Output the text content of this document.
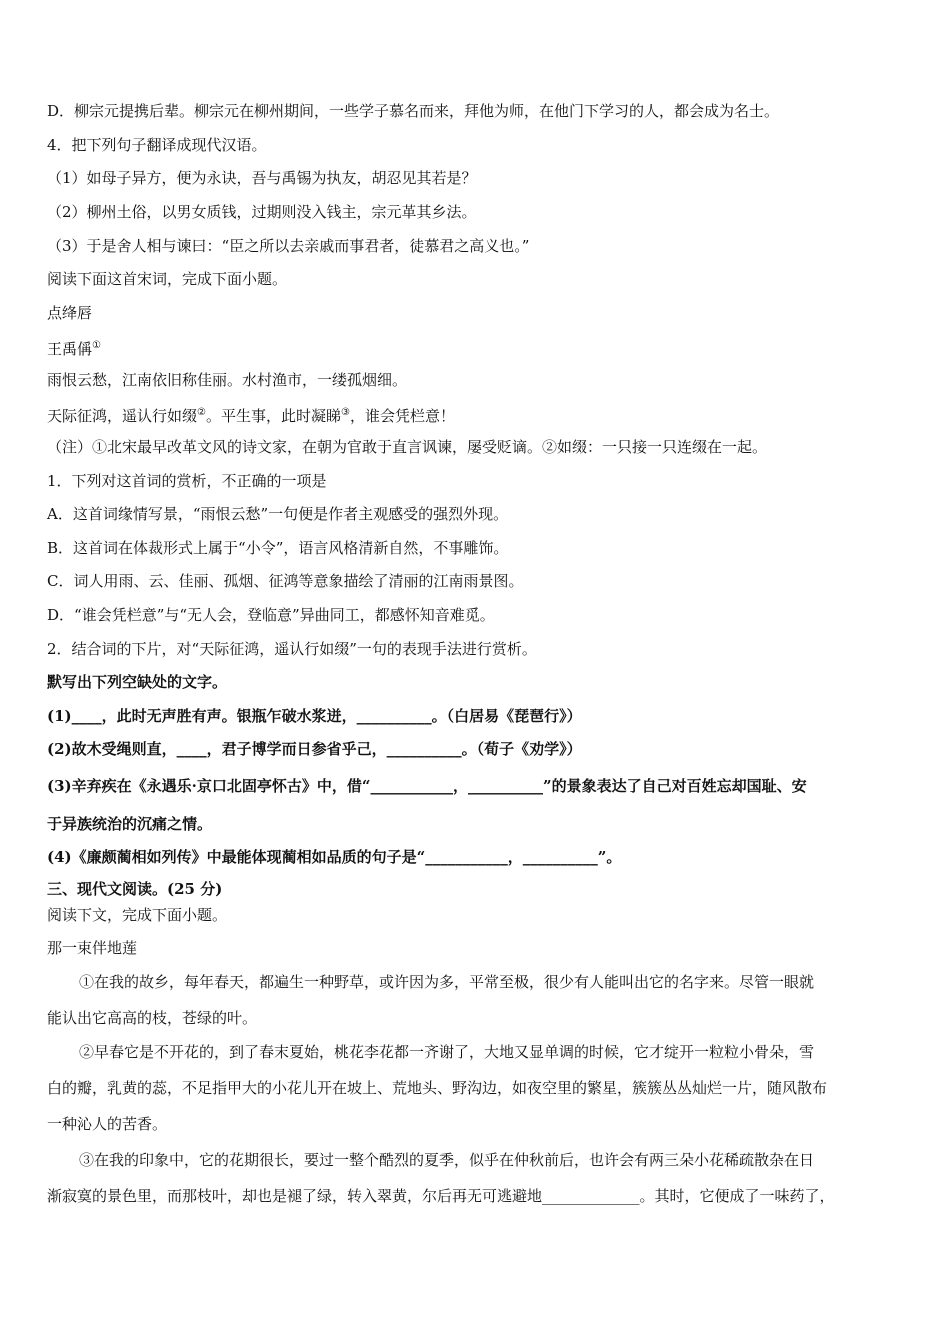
D．柳宗元提携后辈。柳宗元在柳州期间，一些学子慕名而来，拜他为师，在他门下学习的人，都会成为名士。
4．把下列句子翻译成现代汉语。
（1）如母子异方，便为永诀，吾与禹锡为执友，胡忍见其若是？
（2）柳州土俗，以男女质钱，过期则没入钱主，宗元革其乡法。
（3）于是舍人相与谏曰：“臣之所以去亲戚而事君者，徒慕君之高义也。”
阅读下面这首宋词，完成下面小题。
点绛唇
王禹偁①
雨恨云愁，江南依旧称佳丽。水村渔市，一缕孤烟细。
天际征鸿，遥认行如缀②。平生事，此时凝睇③，谁会凭栏意！
（注）①北宋最早改革文风的诗文家，在朝为官敢于直言讽谏，屡受贬谪。②如缀：一只接一只连缀在一起。
1．下列对这首词的赏析，不正确的一项是
A．这首词缘情写景，“雨恨云愁”一句便是作者主观感受的强烈外现。
B．这首词在体裁形式上属于“小令”，语言风格清新自然，不事雕饰。
C．词人用雨、云、佳丽、孤烟、征鸿等意象描绘了清丽的江南雨景图。
D．“谁会凭栏意”与“无人会，登临意”异曲同工，都感怀知音难觅。
2．结合词的下片，对“天际征鸿，遥认行如缀”一句的表现手法进行赏析。
默写出下列空缺处的文字。
(1)____，此时无声胜有声。银瓶乍破水浆迸，__________。（白居易《琵琶行》）
(2)故木受绳则直，____，君子博学而日参省乎己，__________。（荀子《劝学》）
(3)辛弃疾在《永遇乐·京口北固亭怀古》中，借“___________，__________”的景象表达了自己对百姓忘却国耻、安
于异族统治的沉痛之情。
(4)《廉颇蔺相如列传》中最能体现蔺相如品质的句子是“___________，__________”。
三、现代文阅读。(25 分)
阅读下文，完成下面小题。
那一束伴地莲
①在我的故乡，每年春天，都遍生一种野草，或许因为多，平常至极，很少有人能叫出它的名字来。尽管一眼就
能认出它高高的枝，苍绿的叶。
②早春它是不开花的，到了春末夏始，桃花李花都一齐谢了，大地又显单调的时候，它才绽开一粒粒小骨朵，雪
白的瓣，乳黄的蕊，不足指甲大的小花儿开在坡上、荒地头、野沟边，如夜空里的繁星，簇簇丛丛灿烂一片，随风散布
一种沁人的苦香。
③在我的印象中，它的花期很长，要过一整个酷烈的夏季，似乎在仲秋前后，也许会有两三朵小花稀疏散杂在日
渐寂寞的景色里，而那枝叶，却也是褪了绿，转入翠黄，尔后再无可逃避地_____________。其时，它便成了一味药了，
